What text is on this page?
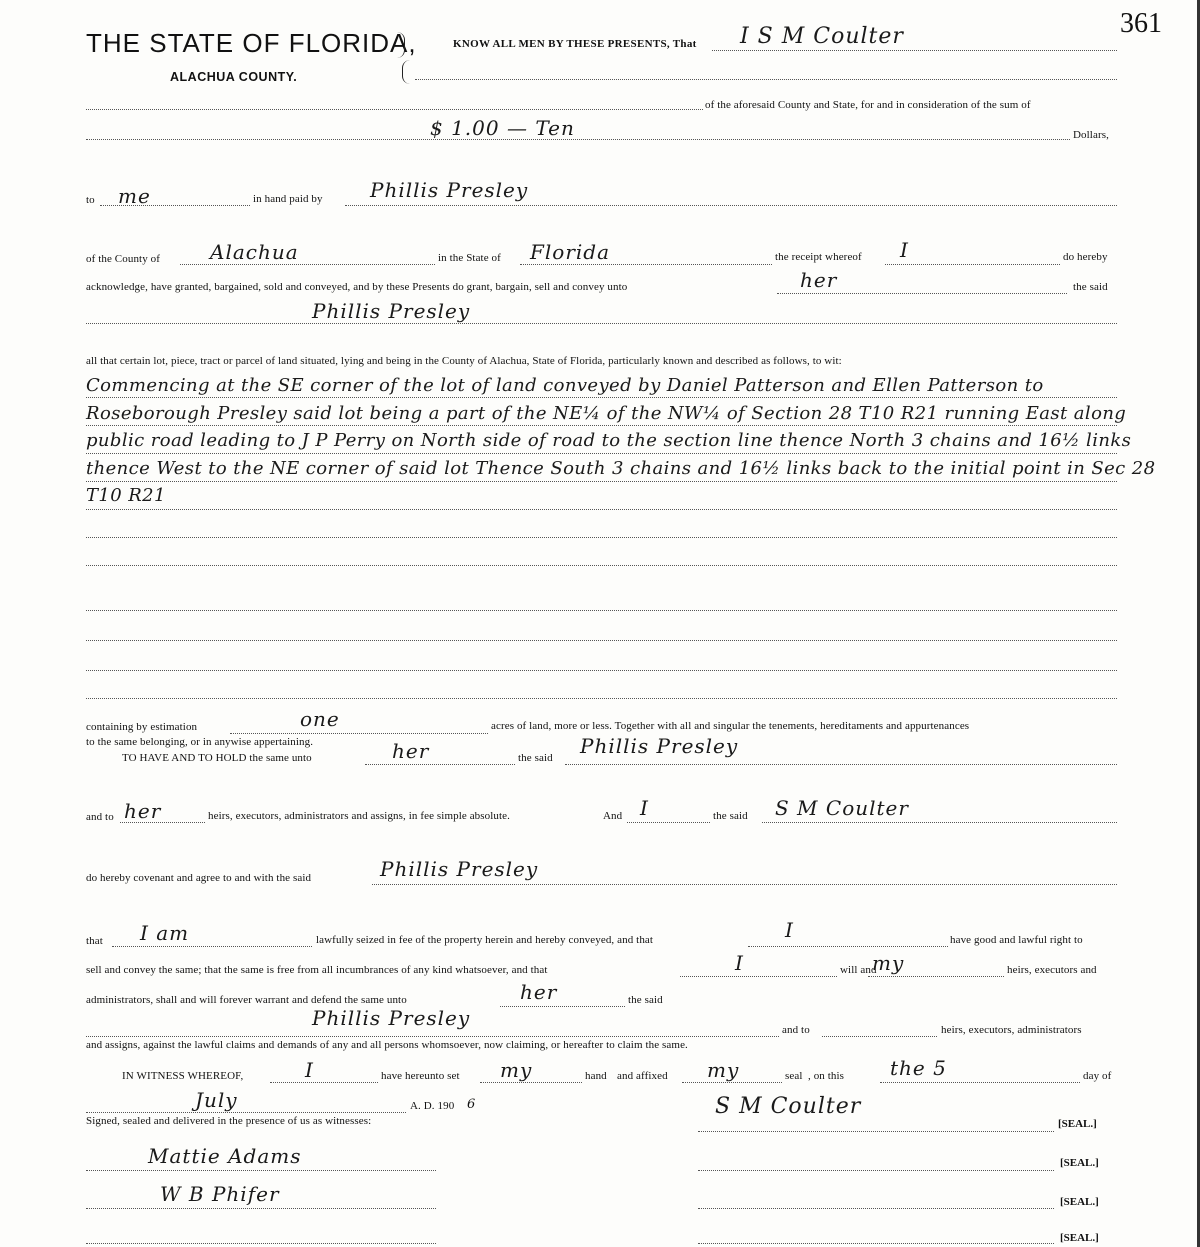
361
THE STATE OF FLORIDA,
ALACHUA COUNTY.
KNOW ALL MEN BY THESE PRESENTS, That I S M Coulter
of the aforesaid County and State, for and in consideration of the sum of
$ 1.00 — Ten	Dollars,
to me	in hand paid by Phillis Presley
of the County of Alachua	in the State of Florida	the receipt whereof I	do hereby
acknowledge, have granted, bargained, sold and conveyed, and by these Presents do grant, bargain, sell and convey unto	her	the said
Phillis Presley
all that certain lot, piece, tract or parcel of land situated, lying and being in the County of Alachua, State of Florida, particularly known and described as follows, to wit:
Commencing at the SE corner of the lot of land conveyed by Daniel Patterson and Ellen Patterson to Roseborough Presley said lot being a part of the NE¼ of the NW¼ of Section 28 T10 R21 running East along public road leading to J P Perry on North side of road to the section line thence North 3 chains and 16½ links thence West to the NE corner of said lot Thence South 3 chains and 16½ links back to the initial point in Sec 28 T10 R21
containing by estimation	one	acres of land, more or less. Together with all and singular the tenements, hereditaments and appurtenances
to the same belonging, or in anywise appertaining.
TO HAVE AND TO HOLD the same unto	her	the said Phillis Presley
and to her	heirs, executors, administrators and assigns, in fee simple absolute.	And I	the said S M Coulter
do hereby covenant and agree to and with the said	Phillis Presley
that I am	lawfully seized in fee of the property herein and hereby conveyed, and that	I	have good and lawful right to
sell and convey the same; that the same is free from all incumbrances of any kind whatsoever, and that	I	will and
my	heirs, executors and
administrators, shall and will forever warrant and defend the same unto	her	the said
Phillis Presley	and to	heirs, executors, administrators
and assigns, against the lawful claims and demands of any and all persons whomsoever, now claiming, or hereafter to claim the same.
IN WITNESS WHEREOF,	I	have hereunto set my	hand and affixed my	seal , on this the 5	day of
July	A. D. 190 6
Signed, sealed and delivered in the presence of us as witnesses:
S M Coulter
[SEAL.]
Mattie Adams	[SEAL.]
W B Phifer	[SEAL.]
[SEAL.]
